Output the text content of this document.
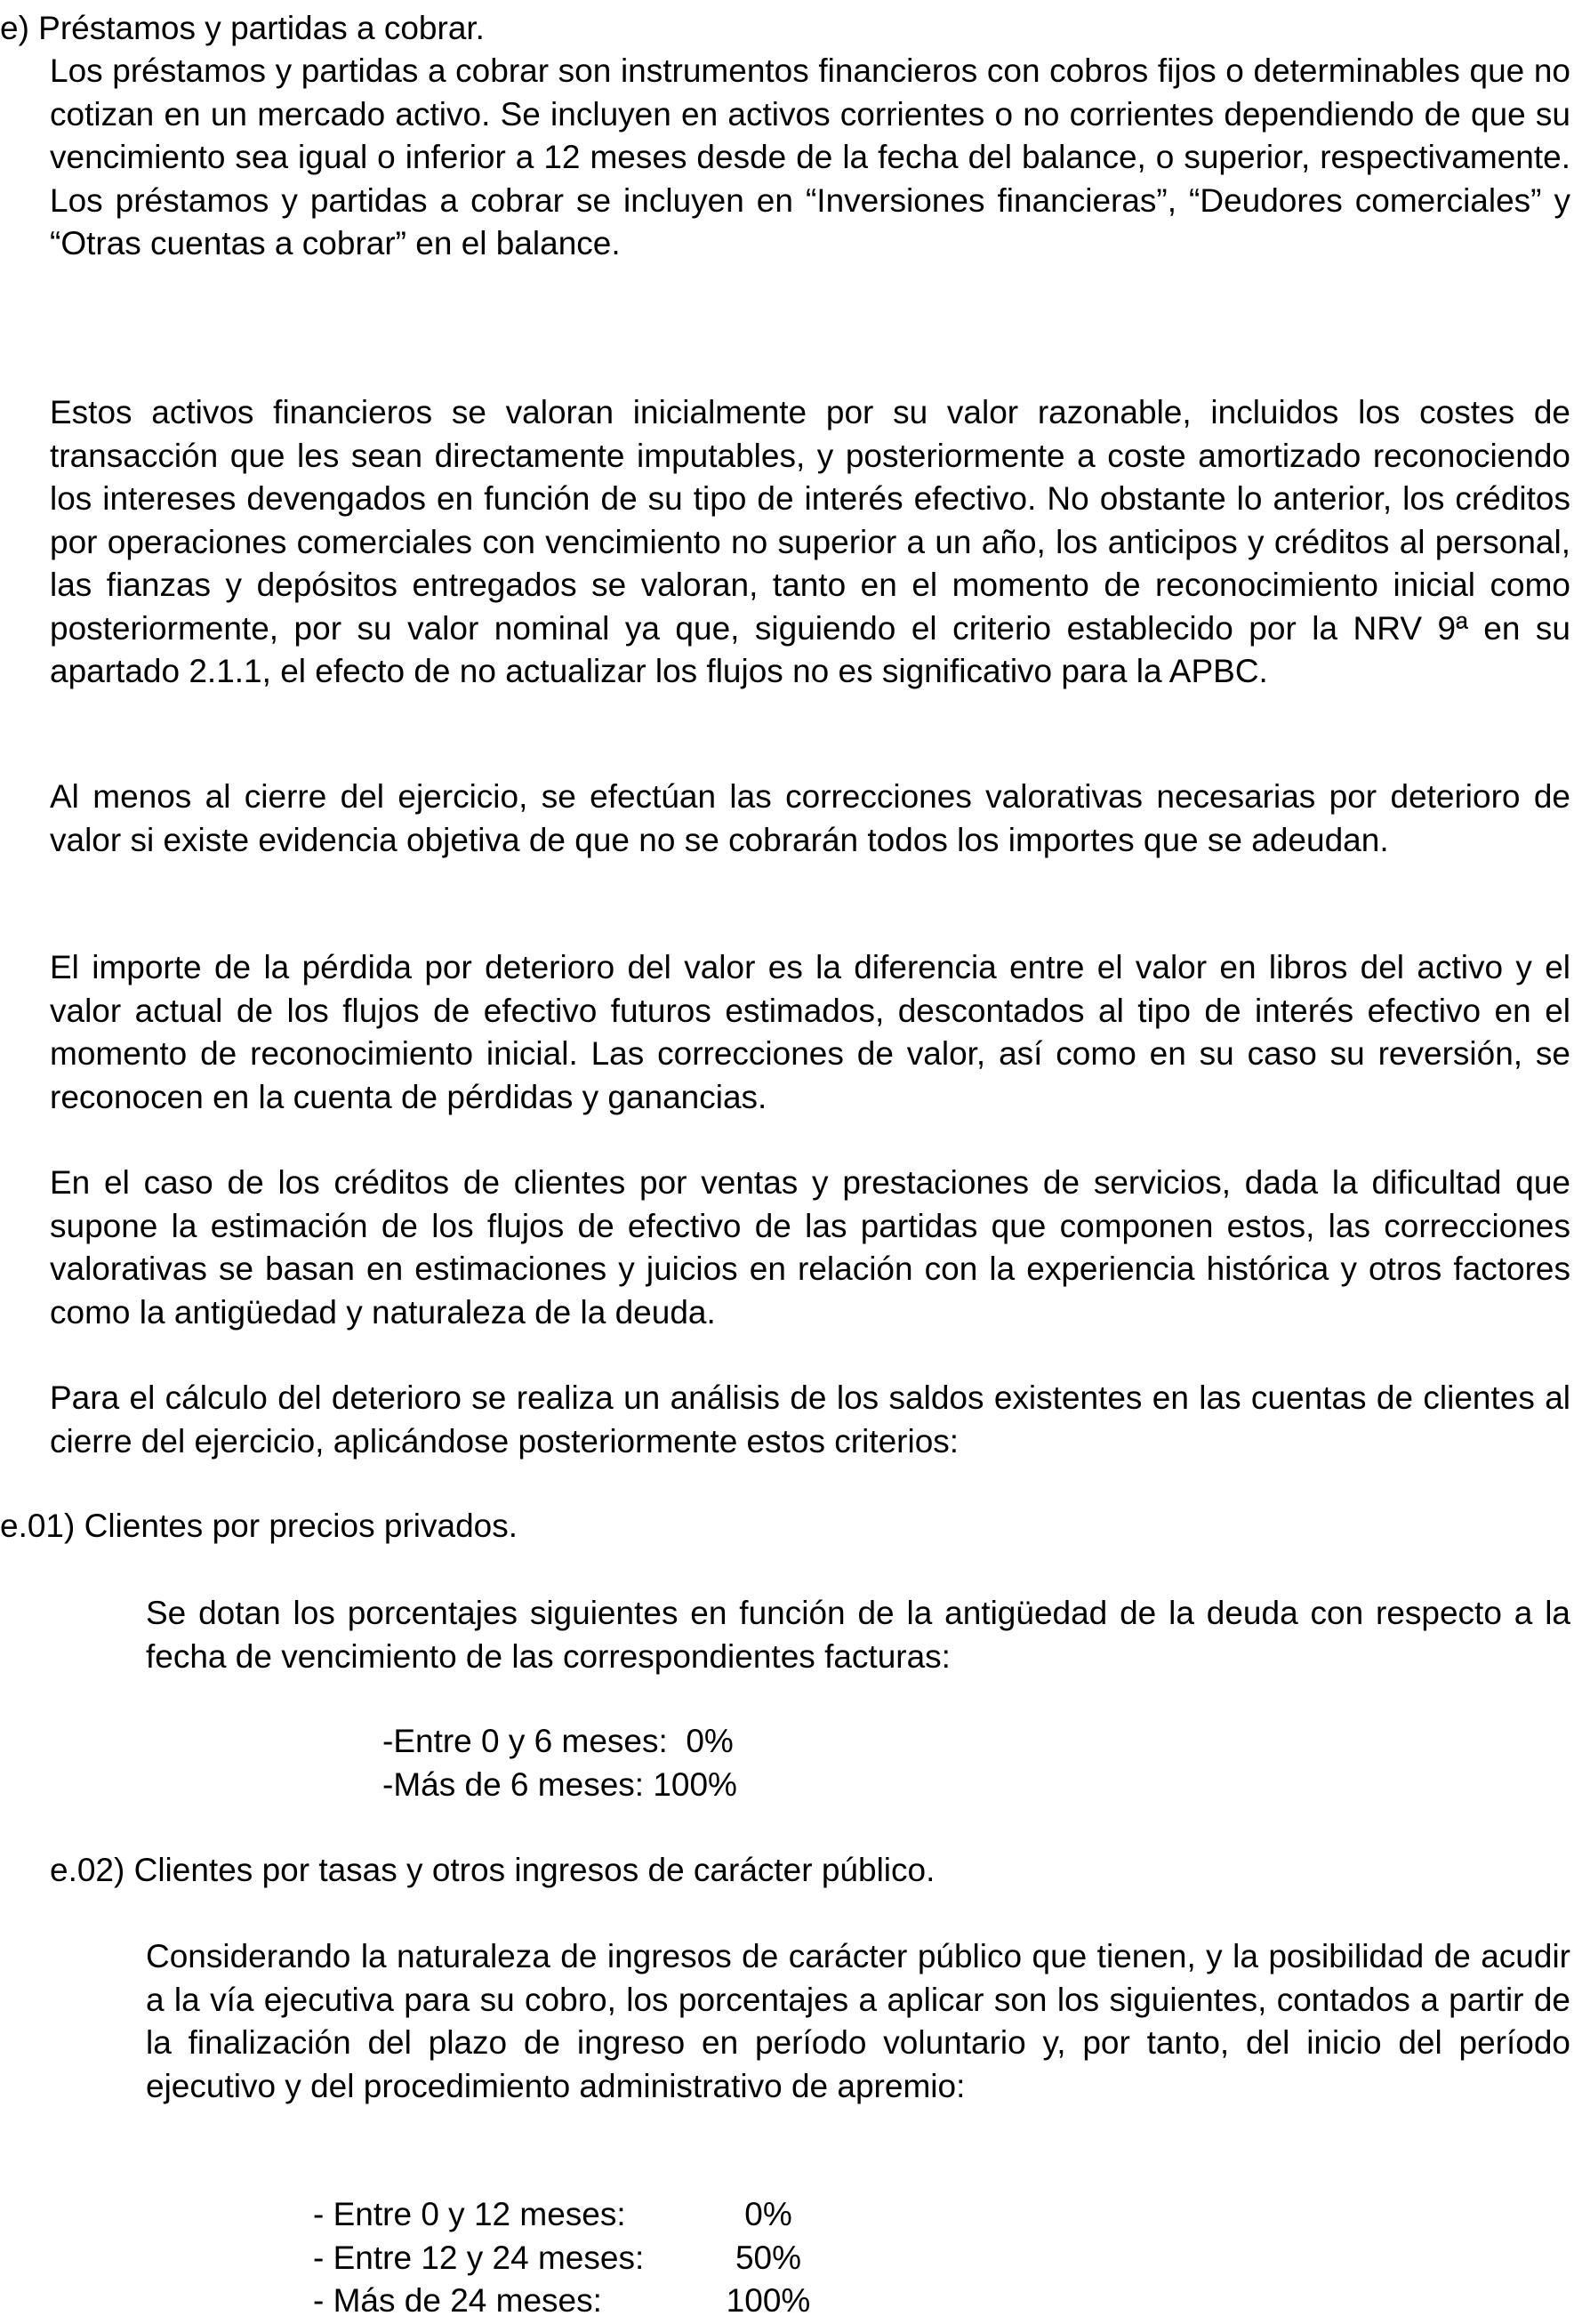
e) Préstamos y partidas a cobrar.

Los préstamos y partidas a cobrar son instrumentos financieros con cobros fijos o determinables que no cotizan en un mercado activo. Se incluyen en activos corrientes o no corrientes dependiendo de que su vencimiento sea igual o inferior a 12 meses desde de la fecha del balance, o superior, respectivamente. Los préstamos y partidas a cobrar se incluyen en “Inversiones financieras”, “Deudores comerciales” y “Otras cuentas a cobrar” en el balance.

Estos activos financieros se valoran inicialmente por su valor razonable, incluidos los costes de transacción que les sean directamente imputables, y posteriormente a coste amortizado reconociendo los intereses devengados en función de su tipo de interés efectivo. No obstante lo anterior, los créditos por operaciones comerciales con vencimiento no superior a un año, los anticipos y créditos al personal, las fianzas y depósitos entregados se valoran, tanto en el momento de reconocimiento inicial como posteriormente, por su valor nominal ya que, siguiendo el criterio establecido por la NRV 9ª en su apartado 2.1.1, el efecto de no actualizar los flujos no es significativo para la APBC.

Al menos al cierre del ejercicio, se efectúan las correcciones valorativas necesarias por deterioro de valor si existe evidencia objetiva de que no se cobrarán todos los importes que se adeudan.

El importe de la pérdida por deterioro del valor es la diferencia entre el valor en libros del activo y el valor actual de los flujos de efectivo futuros estimados, descontados al tipo de interés efectivo en el momento de reconocimiento inicial. Las correcciones de valor, así como en su caso su reversión, se reconocen en la cuenta de pérdidas y ganancias.

En el caso de los créditos de clientes por ventas y prestaciones de servicios, dada la dificultad que supone la estimación de los flujos de efectivo de las partidas que componen estos, las correcciones valorativas se basan en estimaciones y juicios en relación con la experiencia histórica y otros factores como la antigüedad y naturaleza de la deuda.

Para el cálculo del deterioro se realiza un análisis de los saldos existentes en las cuentas de clientes al cierre del ejercicio, aplicándose posteriormente estos criterios:

e.01) Clientes por precios privados.

Se dotan los porcentajes siguientes en función de la antigüedad de la deuda con respecto a la fecha de vencimiento de las correspondientes facturas:

-Entre 0 y 6 meses:  0%
-Más de 6 meses: 100%
e.02) Clientes por tasas y otros ingresos de carácter público.

Considerando la naturaleza de ingresos de carácter público que tienen, y la posibilidad de acudir a la vía ejecutiva para su cobro, los porcentajes a aplicar son los siguientes, contados a partir de la finalización del plazo de ingreso en período voluntario y, por tanto, del inicio del período ejecutivo y del procedimiento administrativo de apremio:

- Entre 0 y 12 meses:	0%
- Entre 12 y 24 meses:	50%
- Más de 24 meses:	100%
